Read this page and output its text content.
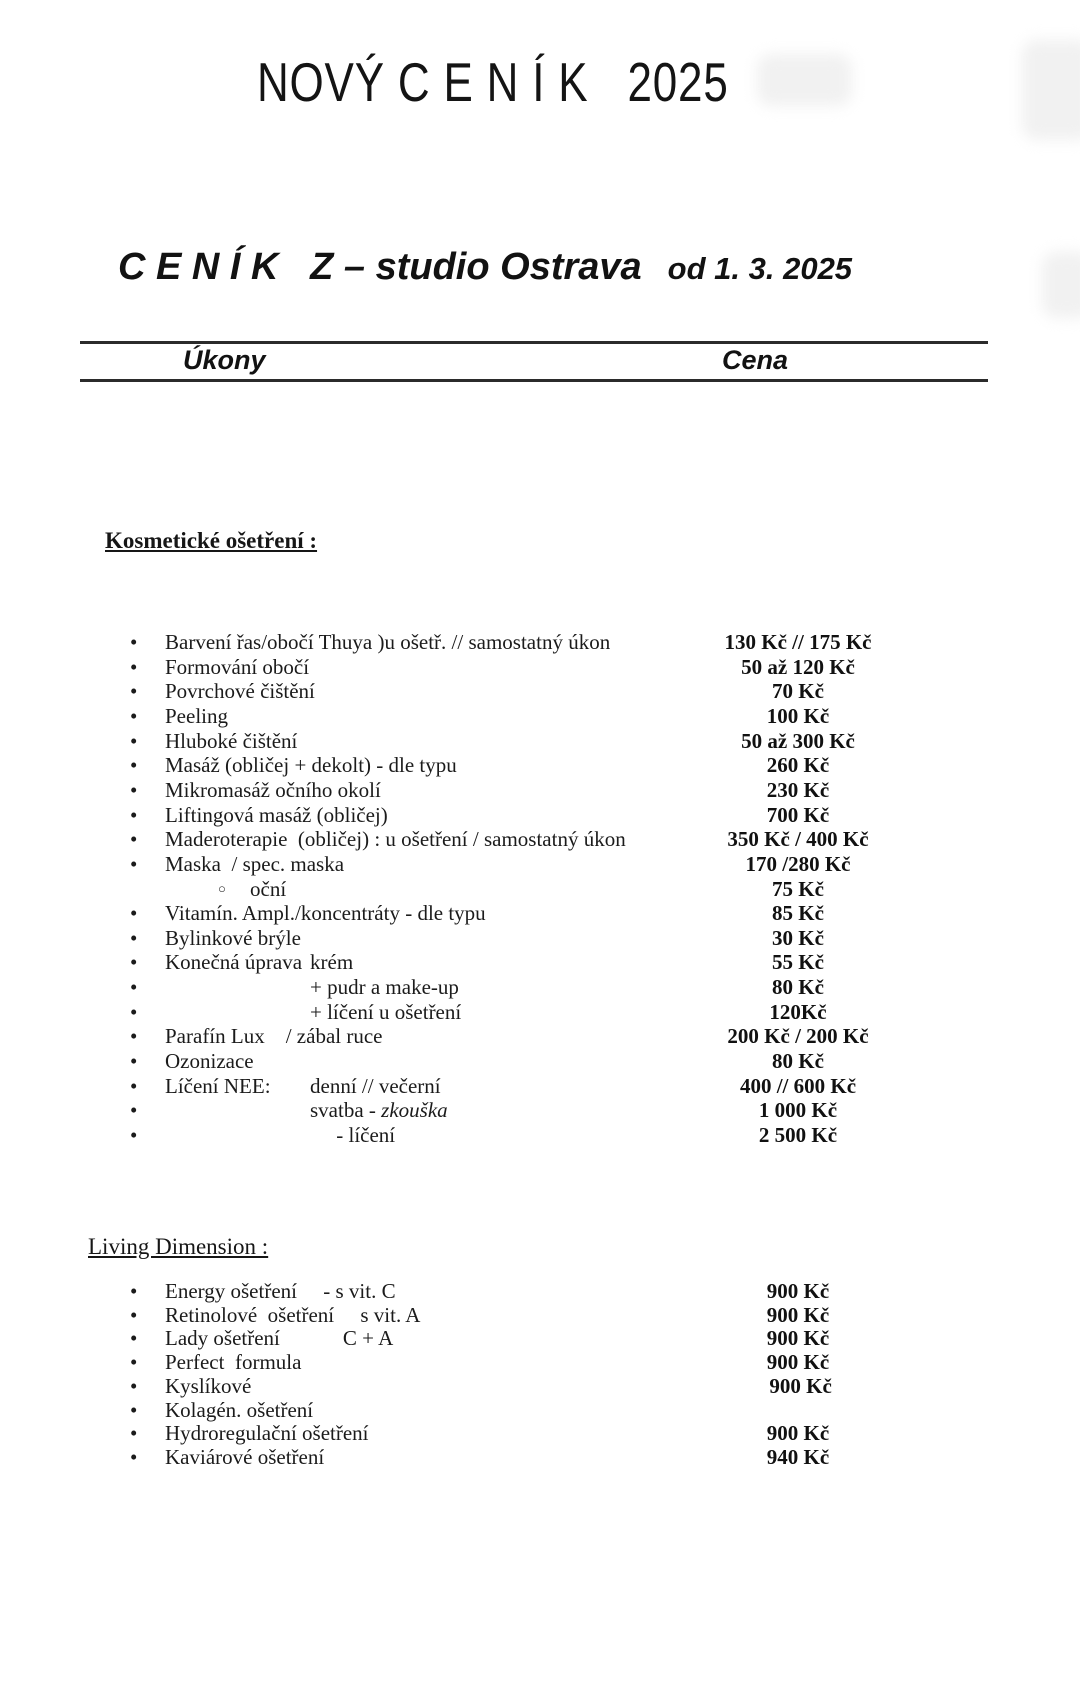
NOVÝ C E N Í K   2025
C E N Í K   Z – studio Ostrava od 1. 3. 2025
Úkony	Cena
Kosmetické ošetření :
• Barvení řas/obočí Thuya )u ošetř. // samostatný úkon	130 Kč // 175 Kč
• Formování obočí	50 až 120 Kč
• Povrchové čištění	70 Kč
• Peeling	100 Kč
• Hluboké čištění	50 až 300 Kč
• Masáž (obličej + dekolt) - dle typu	260 Kč
• Mikromasáž očního okolí	230 Kč
• Liftingová masáž (obličej)	700 Kč
• Maderoterapie  (obličej) : u ošetření / samostatný úkon	350 Kč / 400 Kč
• Maska  / spec. maska	170 /280 Kč
○ oční	75 Kč
• Vitamín. Ampl./koncentráty - dle typu	85 Kč
• Bylinkové brýle	30 Kč
• Konečná úprava krém	55 Kč
•	+ pudr a make-up	80 Kč
•	+ líčení u ošetření	120Kč
• Parafín Lux    / zábal ruce	200 Kč / 200 Kč
• Ozonizace	80 Kč
• Líčení NEE: denní // večerní	400 // 600 Kč
•	svatba - zkouška	1 000 Kč
•	- líčení	2 500 Kč
Living Dimension :
• Energy ošetření     - s vit. C	900 Kč
• Retinolové  ošetření     s vit. A	900 Kč
• Lady ošetření            C + A	900 Kč
• Perfect  formula	900 Kč
• Kyslíkové	900 Kč
• Kolagén. ošetření
• Hydroregulační ošetření	900 Kč
• Kaviárové ošetření	940 Kč
